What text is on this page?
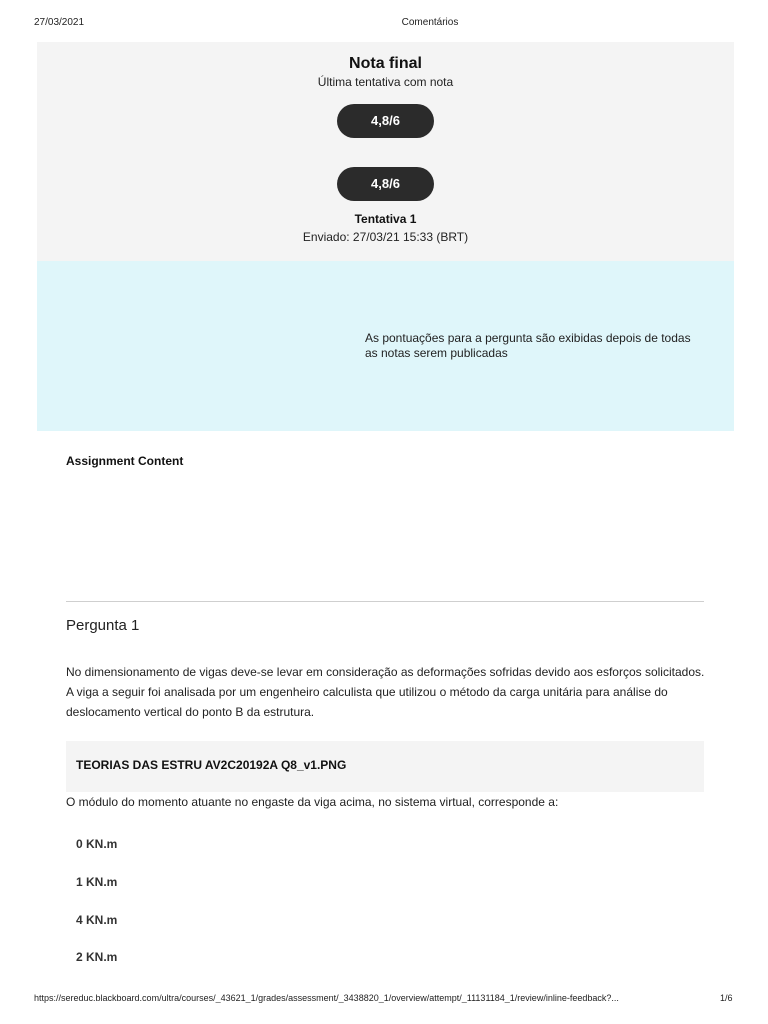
27/03/2021	Comentários
Nota final
Última tentativa com nota
4,8/6
4,8/6
Tentativa 1
Enviado: 27/03/21 15:33 (BRT)
As pontuações para a pergunta são exibidas depois de todas as notas serem publicadas
Assignment Content
Pergunta 1
No dimensionamento de vigas deve-se levar em consideração as deformações sofridas devido aos esforços solicitados. A viga a seguir foi analisada por um engenheiro calculista que utilizou o método da carga unitária para análise do deslocamento vertical do ponto B da estrutura.
TEORIAS DAS ESTRU AV2C20192A Q8_v1.PNG
O módulo do momento atuante no engaste da viga acima, no sistema virtual, corresponde a:
0 KN.m
1 KN.m
4 KN.m
2 KN.m
https://sereduc.blackboard.com/ultra/courses/_43621_1/grades/assessment/_3438820_1/overview/attempt/_11131184_1/review/inline-feedback?...	1/6
